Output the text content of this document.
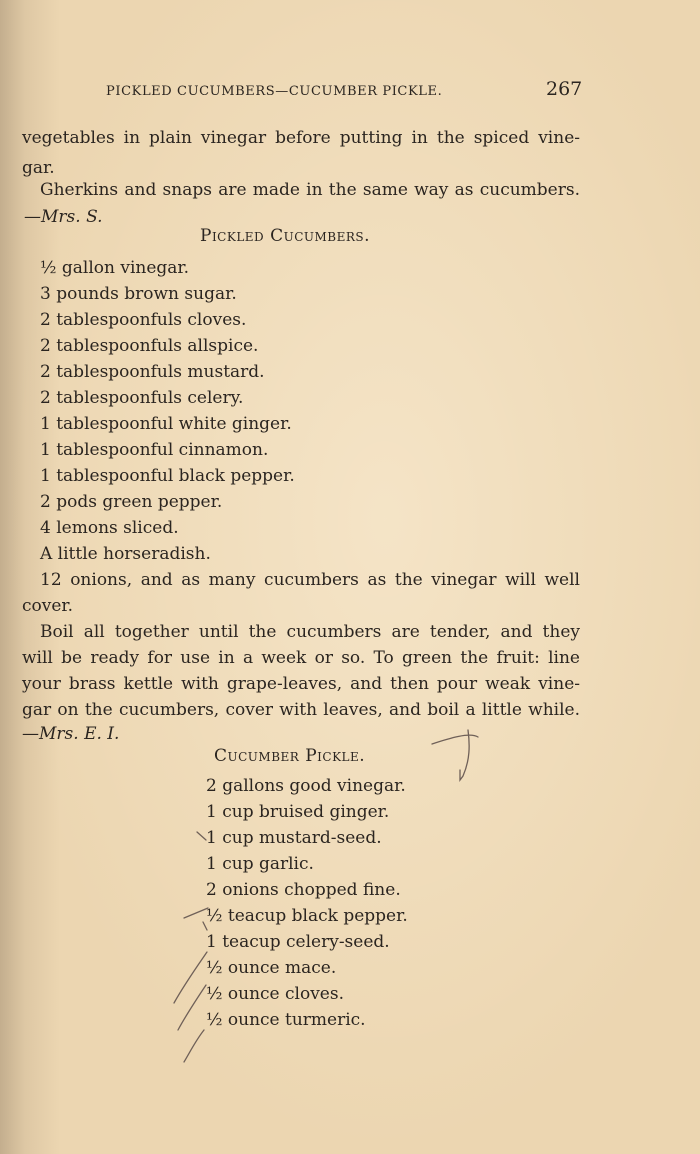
PICKLED CUCUMBERS—CUCUMBER PICKLE.	267
vegetables in plain vinegar before putting in the spiced vine-
gar.
Gherkins and snaps are made in the same way as cucumbers.
—Mrs. S.
Pickled Cucumbers.
½ gallon vinegar.
3 pounds brown sugar.
2 tablespoonfuls cloves.
2 tablespoonfuls allspice.
2 tablespoonfuls mustard.
2 tablespoonfuls celery.
1 tablespoonful white ginger.
1 tablespoonful cinnamon.
1 tablespoonful black pepper.
2 pods green pepper.
4 lemons sliced.
A little horseradish.
12 onions, and as many cucumbers as the vinegar will well
cover.
Boil all together until the cucumbers are tender, and they
will be ready for use in a week or so. To green the fruit: line
your brass kettle with grape-leaves, and then pour weak vine-
gar on the cucumbers, cover with leaves, and boil a little while.
—Mrs. E. I.
Cucumber Pickle.
2 gallons good vinegar.
1 cup bruised ginger.
1 cup mustard-seed.
1 cup garlic.
2 onions chopped fine.
½ teacup black pepper.
1 teacup celery-seed.
½ ounce mace.
½ ounce cloves.
½ ounce turmeric.
